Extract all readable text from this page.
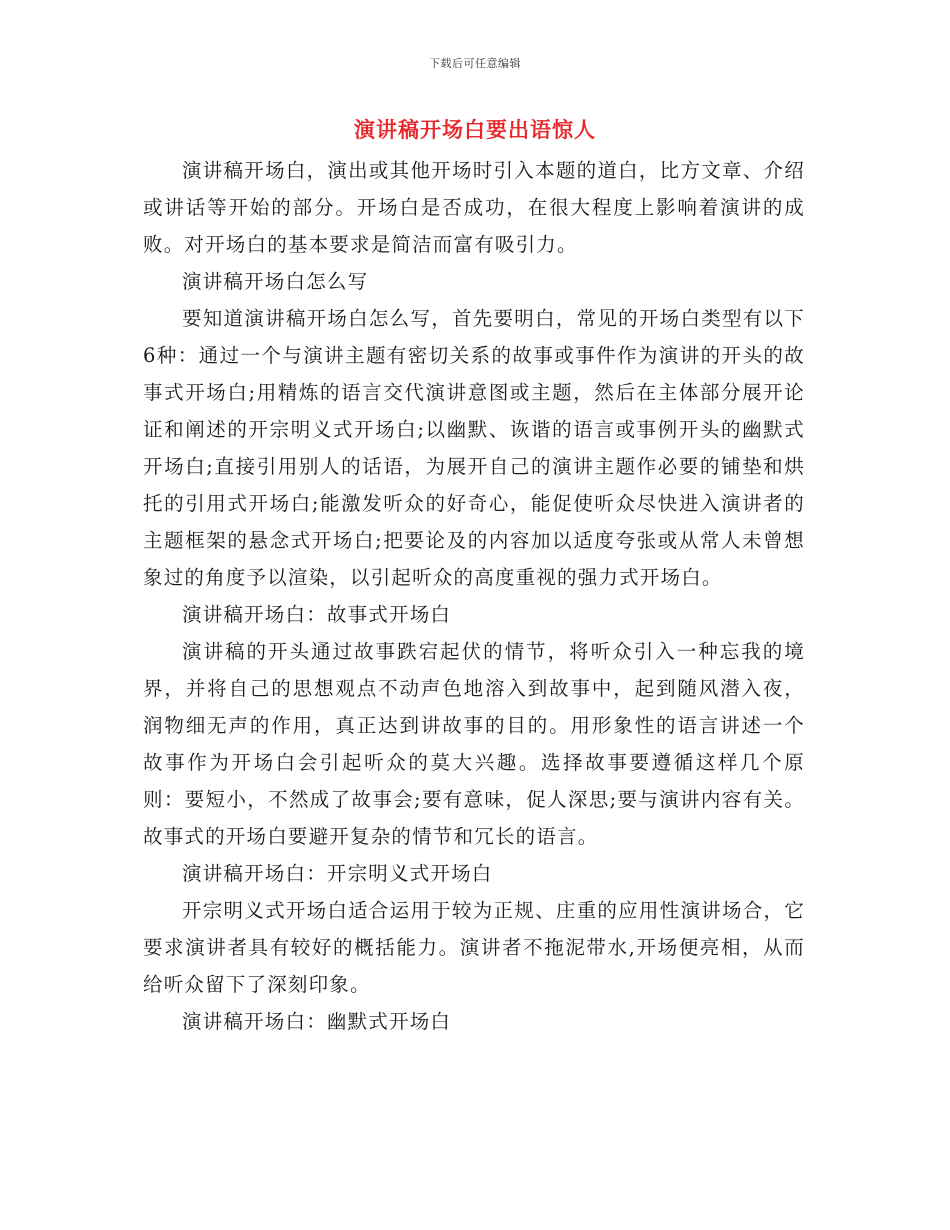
下载后可任意编辑
演讲稿开场白要出语惊人

演讲稿开场白，演出或其他开场时引入本题的道白，比方文章、介绍或讲话等开始的部分。开场白是否成功，在很大程度上影响着演讲的成败。对开场白的基本要求是简洁而富有吸引力。

演讲稿开场白怎么写

要知道演讲稿开场白怎么写，首先要明白，常见的开场白类型有以下6种：通过一个与演讲主题有密切关系的故事或事件作为演讲的开头的故事式开场白;用精炼的语言交代演讲意图或主题，然后在主体部分展开论证和阐述的开宗明义式开场白;以幽默、诙谐的语言或事例开头的幽默式开场白;直接引用别人的话语，为展开自己的演讲主题作必要的铺垫和烘托的引用式开场白;能激发听众的好奇心，能促使听众尽快进入演讲者的主题框架的悬念式开场白;把要论及的内容加以适度夸张或从常人未曾想象过的角度予以渲染，以引起听众的高度重视的强力式开场白。

演讲稿开场白：故事式开场白

演讲稿的开头通过故事跌宕起伏的情节，将听众引入一种忘我的境界，并将自己的思想观点不动声色地溶入到故事中，起到随风潜入夜，润物细无声的作用，真正达到讲故事的目的。用形象性的语言讲述一个故事作为开场白会引起听众的莫大兴趣。选择故事要遵循这样几个原则：要短小，不然成了故事会;要有意味，促人深思;要与演讲内容有关。故事式的开场白要避开复杂的情节和冗长的语言。

演讲稿开场白：开宗明义式开场白

开宗明义式开场白适合运用于较为正规、庄重的应用性演讲场合，它要求演讲者具有较好的概括能力。演讲者不拖泥带水,开场便亮相，从而给听众留下了深刻印象。

演讲稿开场白：幽默式开场白
